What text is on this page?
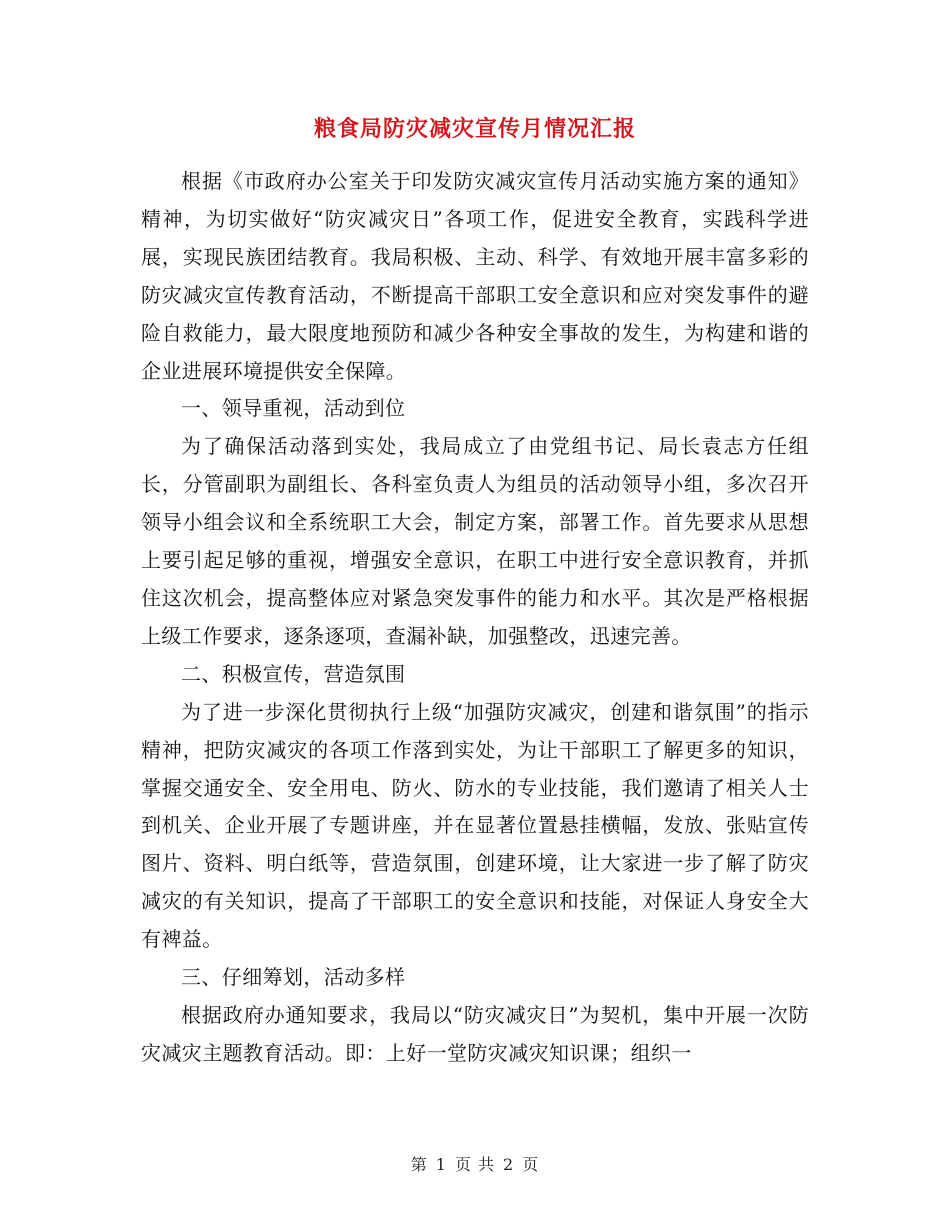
粮食局防灾减灾宣传月情况汇报

根据《市政府办公室关于印发防灾减灾宣传月活动实施方案的通知》精神，为切实做好“防灾减灾日”各项工作，促进安全教育，实践科学进展，实现民族团结教育。我局积极、主动、科学、有效地开展丰富多彩的防灾减灾宣传教育活动，不断提高干部职工安全意识和应对突发事件的避险自救能力，最大限度地预防和减少各种安全事故的发生，为构建和谐的企业进展环境提供安全保障。

一、领导重视，活动到位

为了确保活动落到实处，我局成立了由党组书记、局长袁志方任组长，分管副职为副组长、各科室负责人为组员的活动领导小组，多次召开领导小组会议和全系统职工大会，制定方案，部署工作。首先要求从思想上要引起足够的重视，增强安全意识，在职工中进行安全意识教育，并抓住这次机会，提高整体应对紧急突发事件的能力和水平。其次是严格根据上级工作要求，逐条逐项，查漏补缺，加强整改，迅速完善。

二、积极宣传，营造氛围

为了进一步深化贯彻执行上级“加强防灾减灾，创建和谐氛围”的指示精神，把防灾减灾的各项工作落到实处，为让干部职工了解更多的知识，掌握交通安全、安全用电、防火、防水的专业技能，我们邀请了相关人士到机关、企业开展了专题讲座，并在显著位置悬挂横幅，发放、张贴宣传图片、资料、明白纸等，营造氛围，创建环境，让大家进一步了解了防灾减灾的有关知识，提高了干部职工的安全意识和技能，对保证人身安全大有裨益。

三、仔细筹划，活动多样

根据政府办通知要求，我局以“防灾减灾日”为契机，集中开展一次防灾减灾主题教育活动。即：上好一堂防灾减灾知识课；组织一

第 1 页 共 2 页
